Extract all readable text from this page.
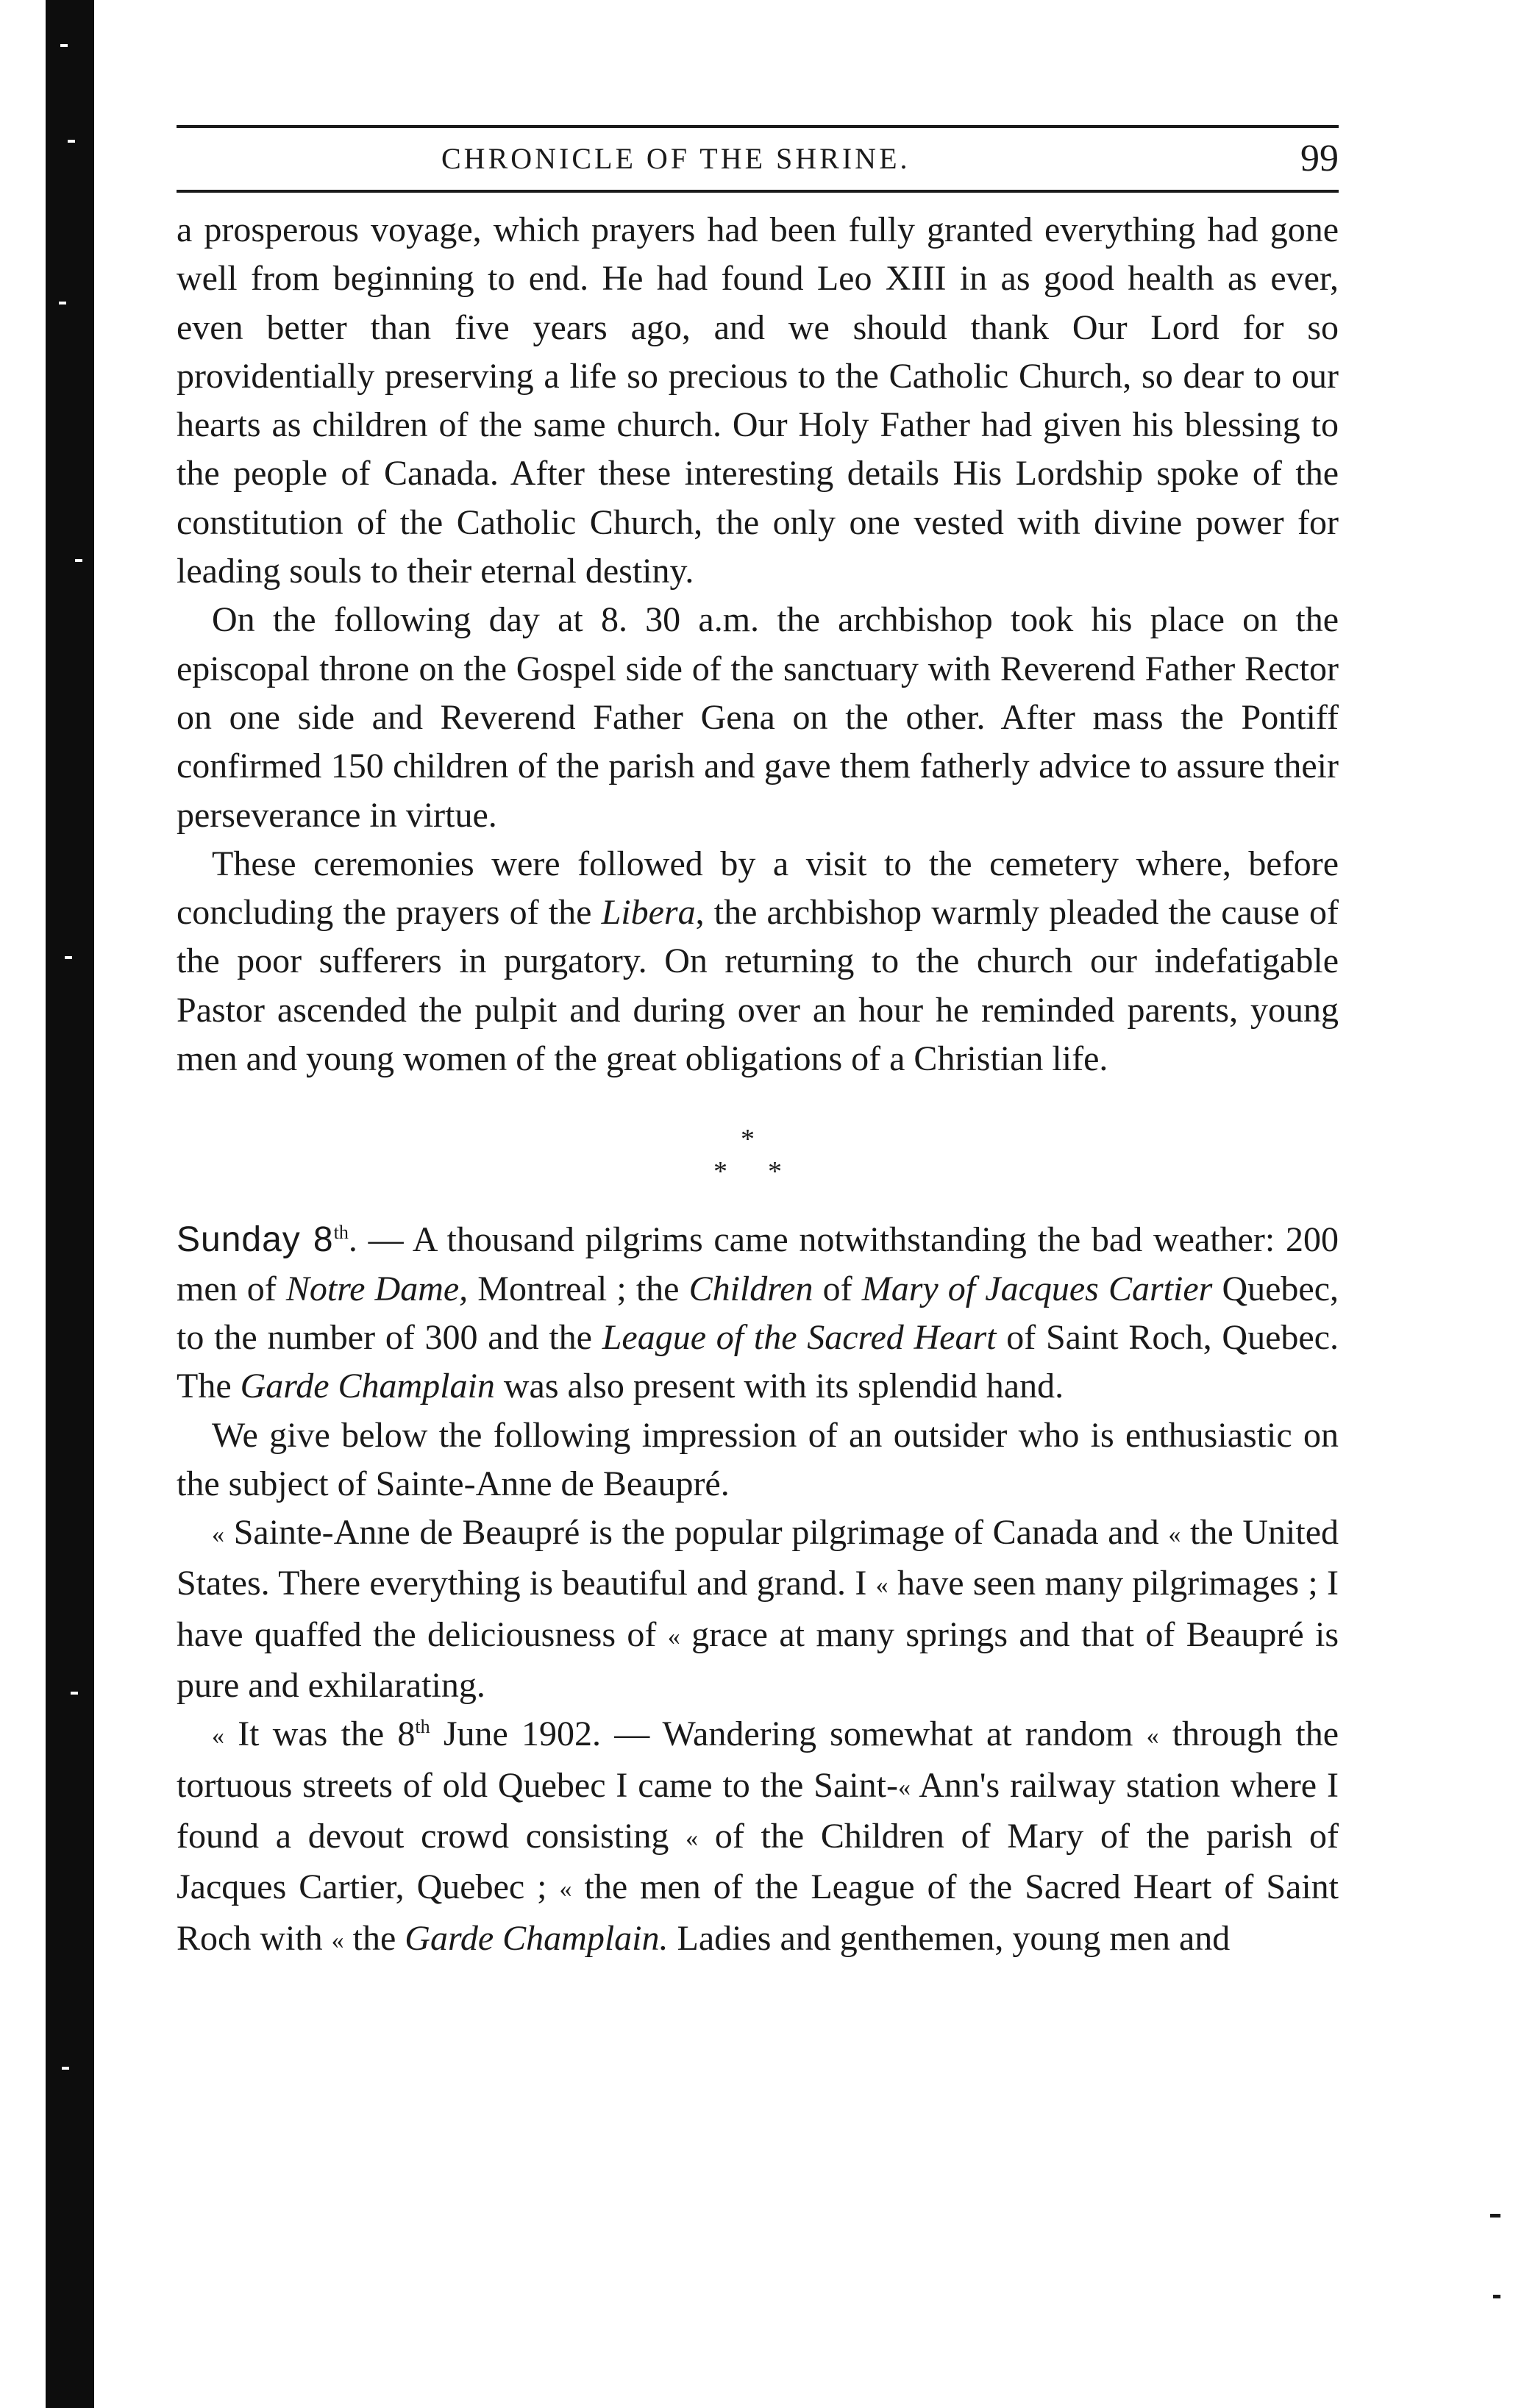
CHRONICLE OF THE SHRINE.	99

a prosperous voyage, which prayers had been fully granted everything had gone well from beginning to end. He had found Leo XIII in as good health as ever, even better than five years ago, and we should thank Our Lord for so providentially preserving a life so precious to the Catholic Church, so dear to our hearts as children of the same church. Our Holy Father had given his blessing to the people of Canada. After these interesting details His Lordship spoke of the constitution of the Catholic Church, the only one vested with divine power for leading souls to their eternal destiny.

On the following day at 8. 30 a.m. the archbishop took his place on the episcopal throne on the Gospel side of the sanctuary with Reverend Father Rector on one side and Reverend Father Gena on the other. After mass the Pontiff confirmed 150 children of the parish and gave them fatherly advice to assure their perseverance in virtue.

These ceremonies were followed by a visit to the cemetery where, before concluding the prayers of the Libera, the archbishop warmly pleaded the cause of the poor sufferers in purgatory. On returning to the church our indefatigable Pastor ascended the pulpit and during over an hour he reminded parents, young men and young women of the great obligations of a Christian life.

*
* *

Sunday 8th. — A thousand pilgrims came notwithstanding the bad weather: 200 men of Notre Dame, Montreal ; the Children of Mary of Jacques Cartier Quebec, to the number of 300 and the League of the Sacred Heart of Saint Roch, Quebec. The Garde Champlain was also present with its splendid hand.

We give below the following impression of an outsider who is enthusiastic on the subject of Sainte-Anne de Beaupré.

« Sainte-Anne de Beaupré is the popular pilgrimage of Canada and « the United States. There everything is beautiful and grand. I « have seen many pilgrimages ; I have quaffed the deliciousness of « grace at many springs and that of Beaupré is pure and exhilarating.

« It was the 8th June 1902. — Wandering somewhat at random « through the tortuous streets of old Quebec I came to the Saint-« Ann's railway station where I found a devout crowd consisting « of the Children of Mary of the parish of Jacques Cartier, Quebec ; « the men of the League of the Sacred Heart of Saint Roch with « the Garde Champlain. Ladies and genthemen, young men and
